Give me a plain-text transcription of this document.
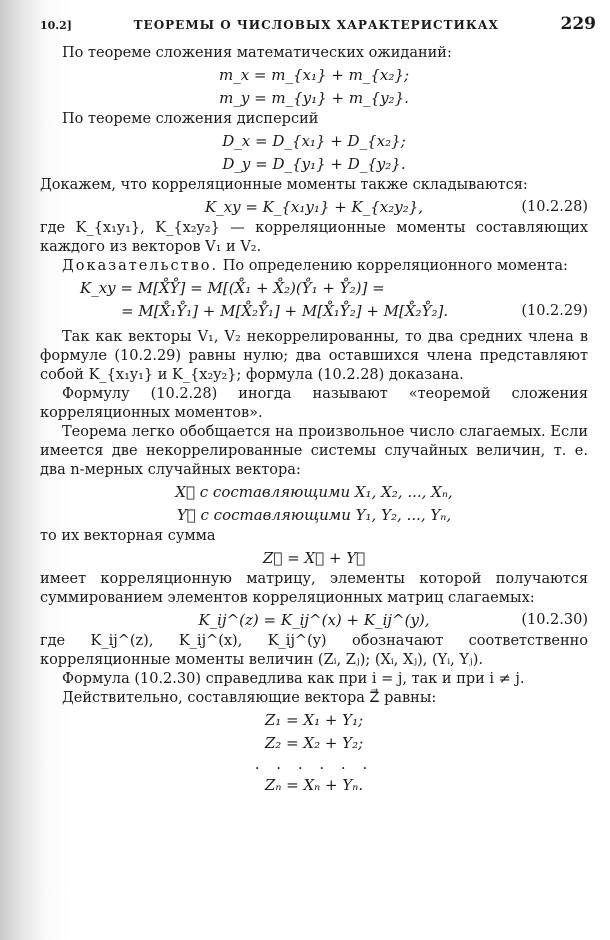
10.2]	ТЕОРЕМЫ О ЧИСЛОВЫХ ХАРАКТЕРИСТИКАХ	229

По теореме сложения математических ожиданий:

m_x = m_{x₁} + m_{x₂};
m_y = m_{y₁} + m_{y₂}.

По теореме сложения дисперсий

D_x = D_{x₁} + D_{x₂};
D_y = D_{y₁} + D_{y₂}.

Докажем, что корреляционные моменты также складываются:

K_xy = K_{x₁y₁} + K_{x₂y₂},	(10.2.28)

где K_{x₁y₁}, K_{x₂y₂} — корреляционные моменты составляющих каждого из векторов V₁ и V₂.

Доказательство. По определению корреляционного момента:

K_xy = M[X̊Y̊] = M[(X̊₁ + X̊₂)(Y̊₁ + Y̊₂)] =
= M[X̊₁Y̊₁] + M[X̊₂Y̊₁] + M[X̊₁Y̊₂] + M[X̊₂Y̊₂].	(10.2.29)

Так как векторы V₁, V₂ некоррелированны, то два средних члена в формуле (10.2.29) равны нулю; два оставшихся члена представляют собой K_{x₁y₁} и K_{x₂y₂}; формула (10.2.28) доказана.

Формулу (10.2.28) иногда называют «теоремой сложения корреляционных моментов».

Теорема легко обобщается на произвольное число слагаемых. Если имеется две некоррелированные системы случайных величин, т. е. два n-мерных случайных вектора:

X⃗ с составляющими X₁, X₂, ..., Xₙ,
Y⃗ с составляющими Y₁, Y₂, ..., Yₙ,

то их векторная сумма

Z⃗ = X⃗ + Y⃗

имеет корреляционную матрицу, элементы которой получаются суммированием элементов корреляционных матриц слагаемых:

K_ij^(z) = K_ij^(x) + K_ij^(y),	(10.2.30)

где K_ij^(z), K_ij^(x), K_ij^(y) обозначают соответственно корреляционные моменты величин (Zᵢ, Zⱼ); (Xᵢ, Xⱼ), (Yᵢ, Yⱼ).

Формула (10.2.30) справедлива как при i = j, так и при i ≠ j.

Действительно, составляющие вектора Z⃗ равны:

Z₁ = X₁ + Y₁;
Z₂ = X₂ + Y₂;
. . . . . .
Zₙ = Xₙ + Yₙ.
